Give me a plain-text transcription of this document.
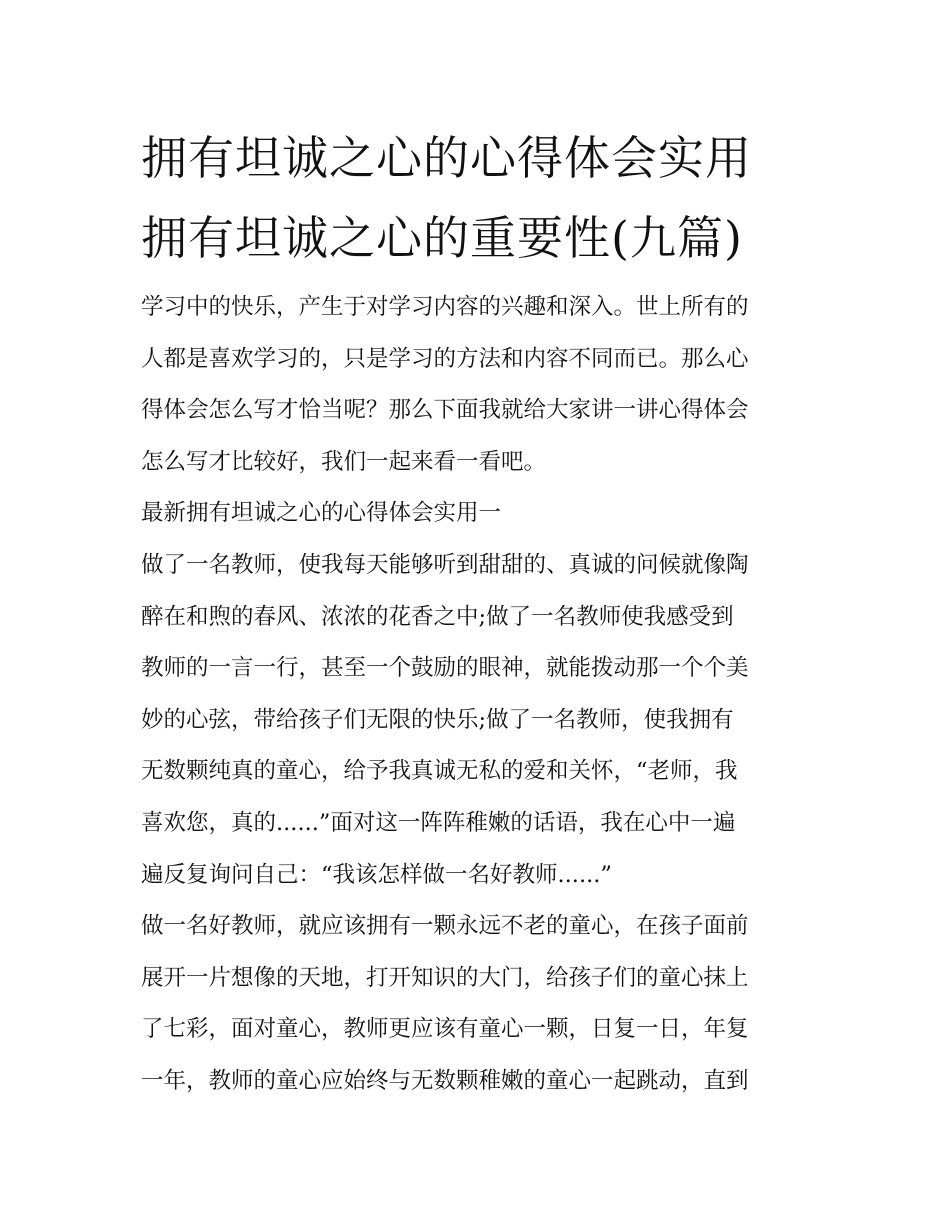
拥有坦诚之心的心得体会实用
拥有坦诚之心的重要性(九篇)
学习中的快乐，产生于对学习内容的兴趣和深入。世上所有的
人都是喜欢学习的，只是学习的方法和内容不同而已。那么心
得体会怎么写才恰当呢？那么下面我就给大家讲一讲心得体会
怎么写才比较好，我们一起来看一看吧。
最新拥有坦诚之心的心得体会实用一
做了一名教师，使我每天能够听到甜甜的、真诚的问候就像陶
醉在和煦的春风、浓浓的花香之中;做了一名教师使我感受到
教师的一言一行，甚至一个鼓励的眼神，就能拨动那一个个美
妙的心弦，带给孩子们无限的快乐;做了一名教师，使我拥有
无数颗纯真的童心，给予我真诚无私的爱和关怀，“老师，我
喜欢您，真的......”面对这一阵阵稚嫩的话语，我在心中一遍
遍反复询问自己：“我该怎样做一名好教师......”
做一名好教师，就应该拥有一颗永远不老的童心，在孩子面前
展开一片想像的天地，打开知识的大门，给孩子们的童心抹上
了七彩，面对童心，教师更应该有童心一颗，日复一日，年复
一年，教师的童心应始终与无数颗稚嫩的童心一起跳动，直到
